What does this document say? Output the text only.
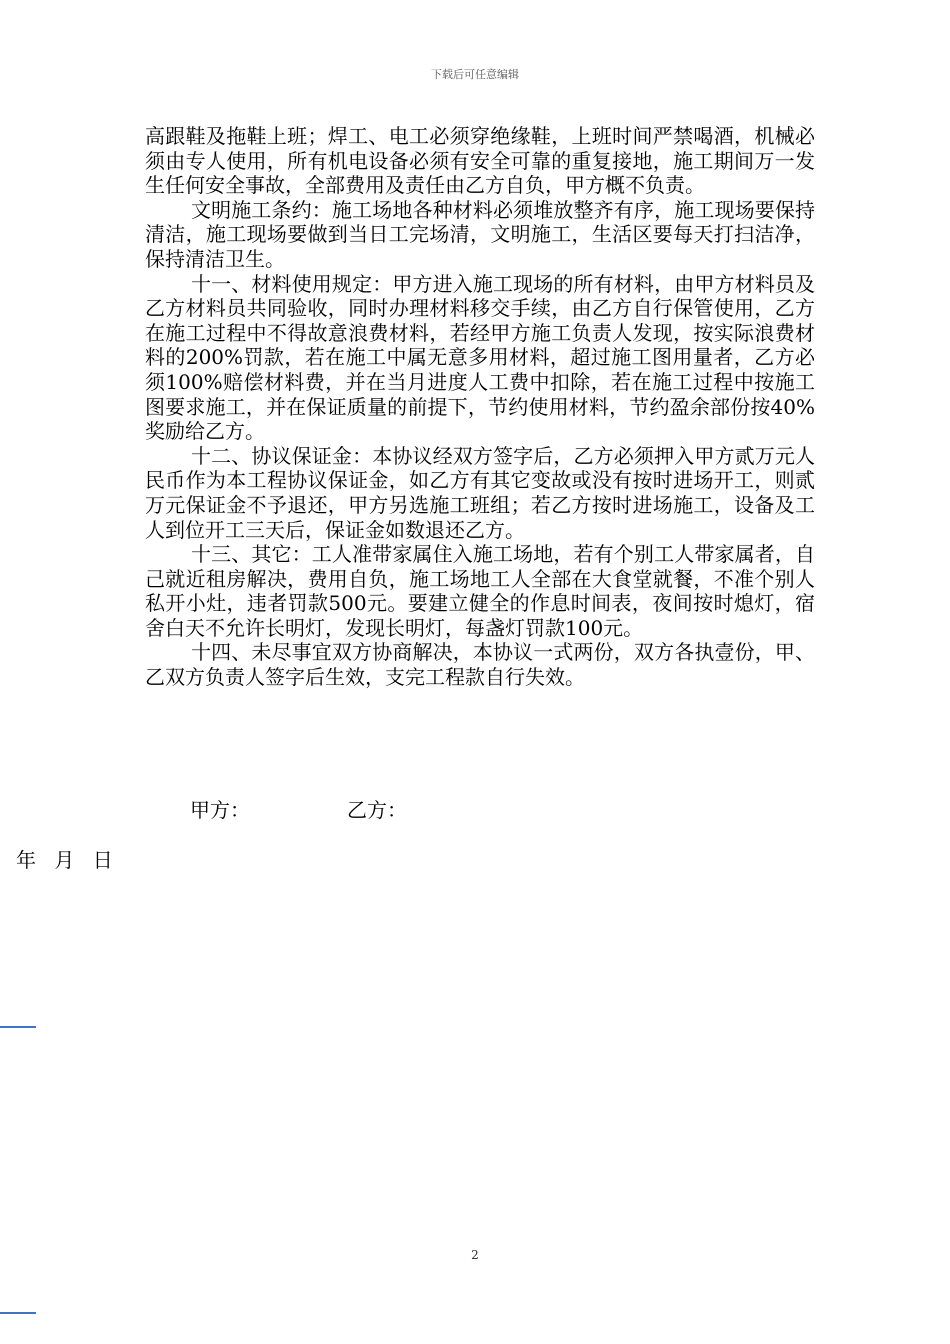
下载后可任意编辑

高跟鞋及拖鞋上班；焊工、电工必须穿绝缘鞋，上班时间严禁喝酒，机械必须由专人使用，所有机电设备必须有安全可靠的重复接地，施工期间万一发生任何安全事故，全部费用及责任由乙方自负，甲方概不负责。

文明施工条约：施工场地各种材料必须堆放整齐有序，施工现场要保持清洁，施工现场要做到当日工完场清，文明施工，生活区要每天打扫洁净，保持清洁卫生。

十一、材料使用规定：甲方进入施工现场的所有材料，由甲方材料员及乙方材料员共同验收，同时办理材料移交手续，由乙方自行保管使用，乙方在施工过程中不得故意浪费材料，若经甲方施工负责人发现，按实际浪费材料的200%罚款，若在施工中属无意多用材料，超过施工图用量者，乙方必须100%赔偿材料费，并在当月进度人工费中扣除，若在施工过程中按施工图要求施工，并在保证质量的前提下，节约使用材料，节约盈余部份按40%奖励给乙方。

十二、协议保证金：本协议经双方签字后，乙方必须押入甲方贰万元人民币作为本工程协议保证金，如乙方有其它变故或没有按时进场开工，则贰万元保证金不予退还，甲方另选施工班组；若乙方按时进场施工，设备及工人到位开工三天后，保证金如数退还乙方。

十三、其它：工人准带家属住入施工场地，若有个别工人带家属者，自己就近租房解决，费用自负，施工场地工人全部在大食堂就餐，不准个别人私开小灶，违者罚款500元。要建立健全的作息时间表，夜间按时熄灯，宿舍白天不允许长明灯，发现长明灯，每盏灯罚款100元。

十四、未尽事宜双方协商解决，本协议一式两份，双方各执壹份，甲、乙双方负责人签字后生效，支完工程款自行失效。

甲方：	乙方：
年 月 日
2
